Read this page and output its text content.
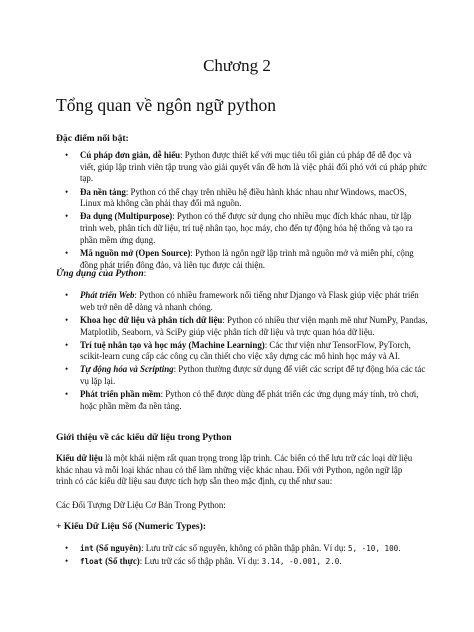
Chương 2
Tổng quan về ngôn ngữ python
Đặc điểm nổi bật:
• Cú pháp đơn giản, dễ hiểu: Python được thiết kế với mục tiêu tối giản cú pháp để dễ đọc và viết, giúp lập trình viên tập trung vào giải quyết vấn đề hơn là việc phải đối phó với cú pháp phức tạp.
• Đa nền tảng: Python có thể chạy trên nhiều hệ điều hành khác nhau như Windows, macOS, Linux mà không cần phải thay đổi mã nguồn.
• Đa dụng (Multipurpose): Python có thể được sử dụng cho nhiều mục đích khác nhau, từ lập trình web, phân tích dữ liệu, trí tuệ nhân tạo, học máy, cho đến tự động hóa hệ thống và tạo ra phần mềm ứng dụng.
• Mã nguồn mở (Open Source): Python là ngôn ngữ lập trình mã nguồn mở và miễn phí, cộng đồng phát triển đông đảo, và liên tục được cải thiện.
Ứng dụng của Python:
• Phát triển Web: Python có nhiều framework nổi tiếng như Django và Flask giúp việc phát triển web trở nên dễ dàng và nhanh chóng.
• Khoa học dữ liệu và phân tích dữ liệu: Python có nhiều thư viện mạnh mẽ như NumPy, Pandas, Matplotlib, Seaborn, và SciPy giúp việc phân tích dữ liệu và trực quan hóa dữ liệu.
• Trí tuệ nhân tạo và học máy (Machine Learning): Các thư viện như TensorFlow, PyTorch, scikit-learn cung cấp các công cụ cần thiết cho việc xây dựng các mô hình học máy và AI.
• Tự động hóa và Scripting: Python thường được sử dụng để viết các script để tự động hóa các tác vụ lặp lại.
• Phát triển phần mềm: Python có thể được dùng để phát triển các ứng dụng máy tính, trò chơi, hoặc phần mềm đa nền tảng.
Giới thiệu về các kiểu dữ liệu trong Python
Kiểu dữ liệu là một khái niệm rất quan trọng trong lập trình. Các biến có thể lưu trữ các loại dữ liệu khác nhau và mỗi loại khác nhau có thể làm những việc khác nhau. Đối với Python, ngôn ngữ lập trình có các kiểu dữ liệu sau được tích hợp sẵn theo mặc định, cụ thể như sau:
Các Đối Tượng Dữ Liệu Cơ Bản Trong Python:
+ Kiểu Dữ Liệu Số (Numeric Types):
• int (Số nguyên): Lưu trữ các số nguyên, không có phần thập phân. Ví dụ: 5, -10, 100.
• float (Số thực): Lưu trữ các số thập phân. Ví dụ: 3.14, -0.001, 2.0.
